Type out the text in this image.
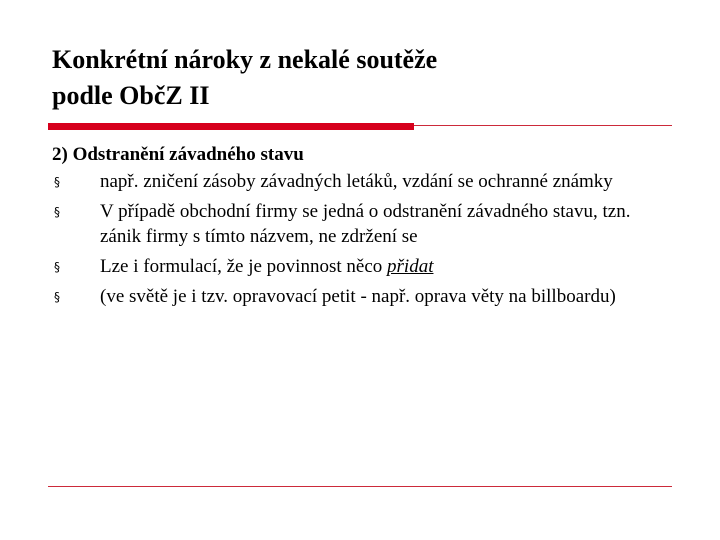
Konkrétní nároky z nekalé soutěže
podle ObčZ II
2) Odstranění závadného stavu
§ např. zničení zásoby závadných letáků, vzdání se ochranné známky
§ V případě obchodní firmy se jedná o odstranění závadného stavu, tzn. zánik firmy s tímto názvem, ne zdržení se
§ Lze i formulací, že je povinnost něco přidat
§ (ve světě je i tzv. opravovací petit - např. oprava věty na billboardu)
